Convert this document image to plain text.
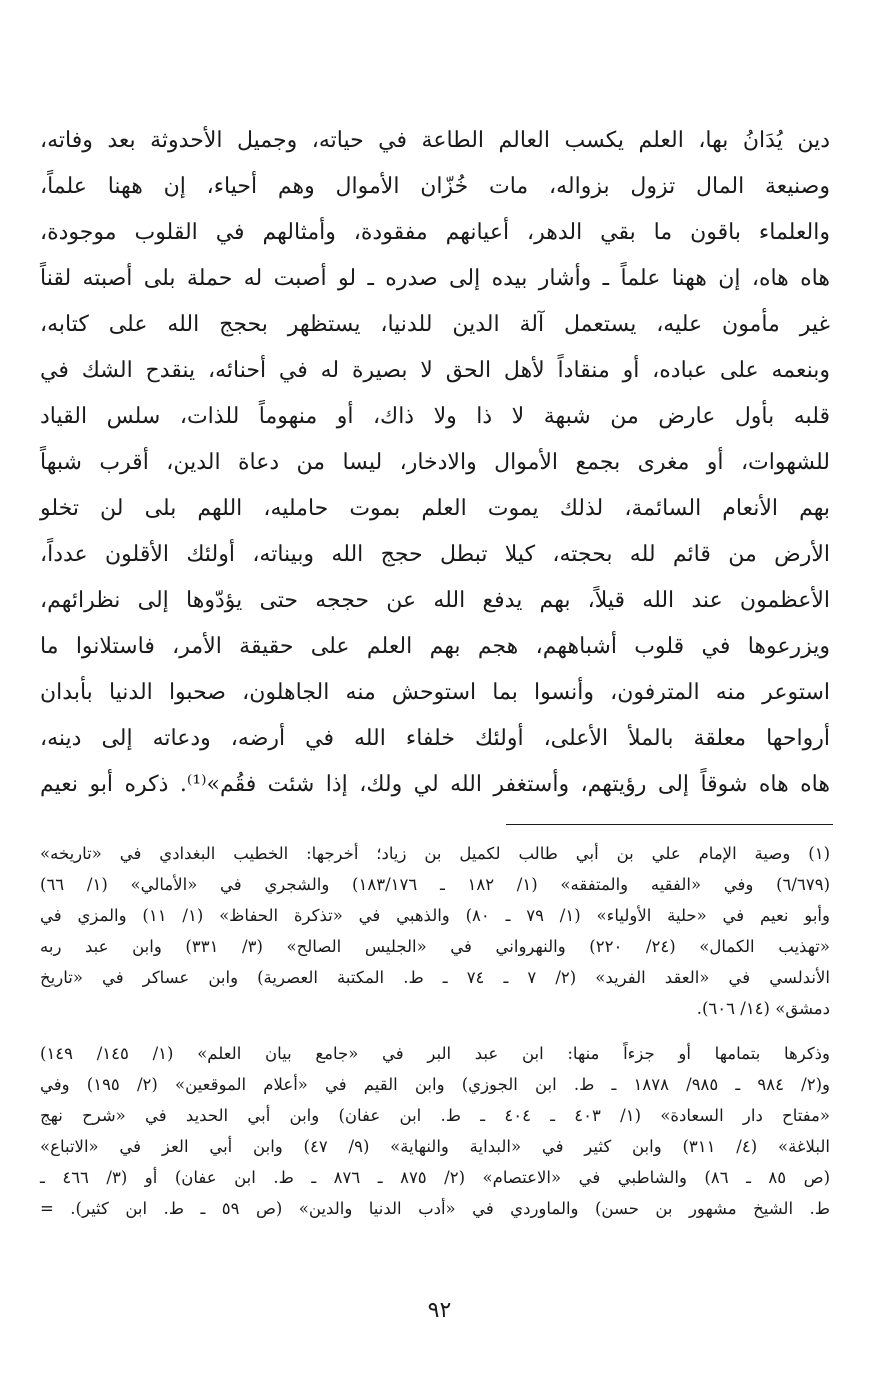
دين يُدَانُ بها، العلم يكسب العالم الطاعة في حياته، وجميل الأحدوثة بعد وفاته،
وصنيعة المال تزول بزواله، مات خُزّان الأموال وهم أحياء، إن ههنا علماً،
والعلماء باقون ما بقي الدهر، أعيانهم مفقودة، وأمثالهم في القلوب موجودة،
هاه هاه، إن ههنا علماً ـ وأشار بيده إلى صدره ـ لو أصبت له حملة بلى أصبته لقناً
غير مأمون عليه، يستعمل آلة الدين للدنيا، يستظهر بحجج الله على كتابه،
وبنعمه على عباده، أو منقاداً لأهل الحق لا بصيرة له في أحنائه، ينقدح الشك في
قلبه بأول عارض من شبهة لا ذا ولا ذاك، أو منهوماً للذات، سلس القياد
للشهوات، أو مغرى بجمع الأموال والادخار، ليسا من دعاة الدين، أقرب شبهاً
بهم الأنعام السائمة، لذلك يموت العلم بموت حامليه، اللهم بلى لن تخلو
الأرض من قائم لله بحجته، كيلا تبطل حجج الله وبيناته، أولئك الأقلون عدداً،
الأعظمون عند الله قيلاً، بهم يدفع الله عن حججه حتى يؤدّوها إلى نظرائهم،
ويزرعوها في قلوب أشباههم، هجم بهم العلم على حقيقة الأمر، فاستلانوا ما
استوعر منه المترفون، وأنسوا بما استوحش منه الجاهلون، صحبوا الدنيا بأبدان
أرواحها معلقة بالملأ الأعلى، أولئك خلفاء الله في أرضه، ودعاته إلى دينه،
هاه هاه شوقاً إلى رؤيتهم، وأستغفر الله لي ولك، إذا شئت فقُم»⁽¹⁾. ذكره أبو نعيم
(١) وصية الإمام علي بن أبي طالب لكميل بن زياد؛ أخرجها: الخطيب البغدادي في «تاريخه»
(٦/٦٧٩) وفي «الفقيه والمتفقه» (١/ ١٨٢ ـ ١٨٣/١٧٦) والشجري في «الأمالي» (١/ ٦٦)
وأبو نعيم في «حلية الأولياء» (١/ ٧٩ ـ ٨٠) والذهبي في «تذكرة الحفاظ» (١/ ١١) والمزي في
«تهذيب الكمال» (٢٤/ ٢٢٠) والنهرواني في «الجليس الصالح» (٣/ ٣٣١) وابن عبد ربه
الأندلسي في «العقد الفريد» (٢/ ٧ ـ ٧٤ ـ ط. المكتبة العصرية) وابن عساكر في «تاريخ
دمشق» (١٤/ ٦٠٦).
وذكرها بتمامها أو جزءاً منها: ابن عبد البر في «جامع بيان العلم» (١/ ١٤٥/ ١٤٩)
و(٢/ ٩٨٤ ـ ٩٨٥/ ١٨٧٨ ـ ط. ابن الجوزي) وابن القيم في «أعلام الموقعين» (٢/ ١٩٥) وفي
«مفتاح دار السعادة» (١/ ٤٠٣ ـ ٤٠٤ ـ ط. ابن عفان) وابن أبي الحديد في «شرح نهج
البلاغة» (٤/ ٣١١) وابن كثير في «البداية والنهاية» (٩/ ٤٧) وابن أبي العز في «الاتباع»
(ص ٨٥ ـ ٨٦) والشاطبي في «الاعتصام» (٢/ ٨٧٥ ـ ٨٧٦ ـ ط. ابن عفان) أو (٣/ ٤٦٦ ـ
ط. الشيخ مشهور بن حسن) والماوردي في «أدب الدنيا والدين» (ص ٥٩ ـ ط. ابن كثير). =
٩٢
